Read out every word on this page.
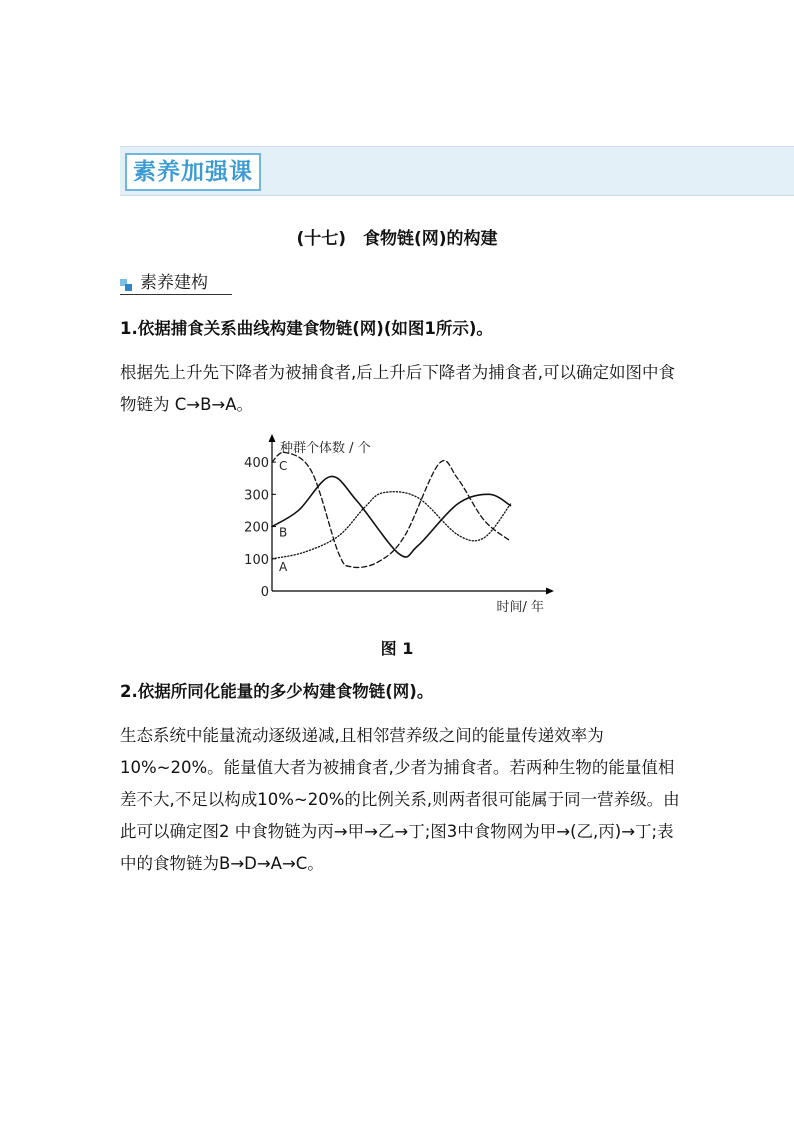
素养加强课
(十七)　食物链(网)的构建
素养建构
1.依据捕食关系曲线构建食物链(网)(如图1所示)。
根据先上升先下降者为被捕食者,后上升后下降者为捕食者,可以确定如图中食物链为 C→B→A。
0
100
200
300
400
种群个体数 / 个
时间/ 年
C
B
A
图 1
2.依据所同化能量的多少构建食物链(网)。
生态系统中能量流动逐级递减,且相邻营养级之间的能量传递效率为10%~20%。能量值大者为被捕食者,少者为捕食者。若两种生物的能量值相差不大,不足以构成10%~20%的比例关系,则两者很可能属于同一营养级。由此可以确定图2 中食物链为丙→甲→乙→丁;图3中食物网为甲→(乙,丙)→丁;表中的食物链为B→D→A→C。
